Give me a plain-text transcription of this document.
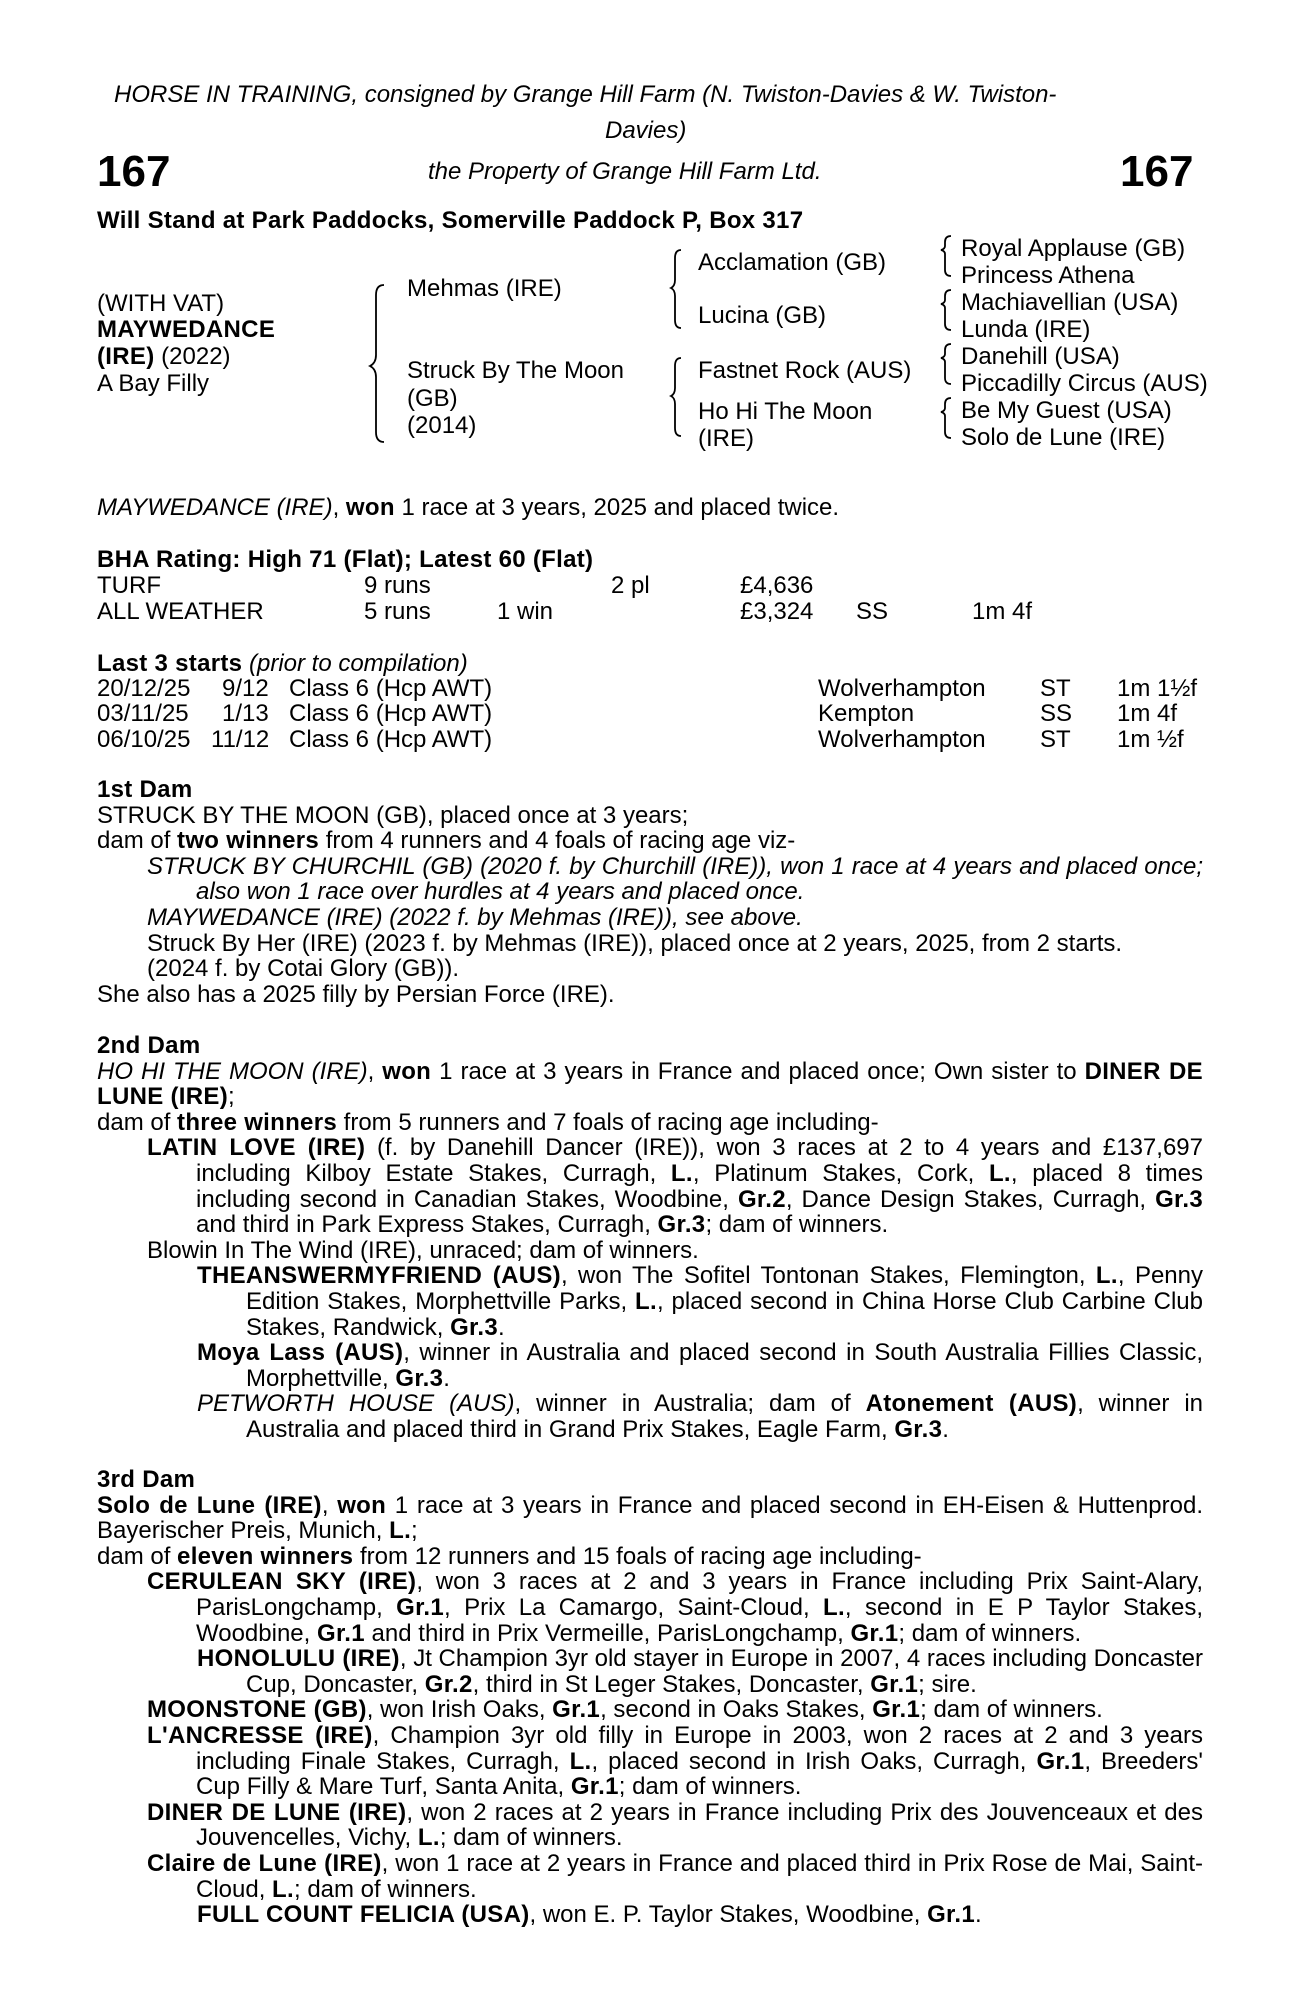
HORSE IN TRAINING, consigned by Grange Hill Farm (N. Twiston-Davies & W. Twiston-
Davies)
167	the Property of Grange Hill Farm Ltd.	167
Will Stand at Park Paddocks, Somerville Paddock P, Box 317
(WITH VAT)
MAYWEDANCE
(IRE) (2022)
A Bay Filly
Mehmas (IRE)
Struck By The Moon
(GB)
(2014)
Acclamation (GB)
Lucina (GB)
Fastnet Rock (AUS)
Ho Hi The Moon
(IRE)
Royal Applause (GB)
Princess Athena
Machiavellian (USA)
Lunda (IRE)
Danehill (USA)
Piccadilly Circus (AUS)
Be My Guest (USA)
Solo de Lune (IRE)
MAYWEDANCE (IRE), won 1 race at 3 years, 2025 and placed twice.
BHA Rating: High 71 (Flat); Latest 60 (Flat)
TURF	9 runs	2 pl	£4,636
ALL WEATHER	5 runs	1 win	£3,324 SS	1m 4f
Last 3 starts (prior to compilation)
20/12/25 9/12 Class 6 (Hcp AWT)	Wolverhampton ST 1m 1½f
03/11/25 1/13 Class 6 (Hcp AWT)	Kempton	SS 1m 4f
06/10/25 11/12 Class 6 (Hcp AWT)	Wolverhampton ST 1m ½f

1st Dam

STRUCK BY THE MOON (GB), placed once at 3 years;

dam of two winners from 4 runners and 4 foals of racing age viz-

STRUCK BY CHURCHIL (GB) (2020 f. by Churchill (IRE)), won 1 race at 4 years and placed once; also won 1 race over hurdles at 4 years and placed once.

MAYWEDANCE (IRE) (2022 f. by Mehmas (IRE)), see above.

Struck By Her (IRE) (2023 f. by Mehmas (IRE)), placed once at 2 years, 2025, from 2 starts.

(2024 f. by Cotai Glory (GB)).

She also has a 2025 filly by Persian Force (IRE).

2nd Dam

HO HI THE MOON (IRE), won 1 race at 3 years in France and placed once; Own sister to DINER DE LUNE (IRE);

dam of three winners from 5 runners and 7 foals of racing age including-

LATIN LOVE (IRE) (f. by Danehill Dancer (IRE)), won 3 races at 2 to 4 years and £137,697 including Kilboy Estate Stakes, Curragh, L., Platinum Stakes, Cork, L., placed 8 times including second in Canadian Stakes, Woodbine, Gr.2, Dance Design Stakes, Curragh, Gr.3 and third in Park Express Stakes, Curragh, Gr.3; dam of winners.

Blowin In The Wind (IRE), unraced; dam of winners.

THEANSWERMYFRIEND (AUS), won The Sofitel Tontonan Stakes, Flemington, L., Penny Edition Stakes, Morphettville Parks, L., placed second in China Horse Club Carbine Club Stakes, Randwick, Gr.3.

Moya Lass (AUS), winner in Australia and placed second in South Australia Fillies Classic, Morphettville, Gr.3.

PETWORTH HOUSE (AUS), winner in Australia; dam of Atonement (AUS), winner in Australia and placed third in Grand Prix Stakes, Eagle Farm, Gr.3.

3rd Dam

Solo de Lune (IRE), won 1 race at 3 years in France and placed second in EH-Eisen & Huttenprod. Bayerischer Preis, Munich, L.;

dam of eleven winners from 12 runners and 15 foals of racing age including-

CERULEAN SKY (IRE), won 3 races at 2 and 3 years in France including Prix Saint-Alary, ParisLongchamp, Gr.1, Prix La Camargo, Saint-Cloud, L., second in E P Taylor Stakes, Woodbine, Gr.1 and third in Prix Vermeille, ParisLongchamp, Gr.1; dam of winners.

HONOLULU (IRE), Jt Champion 3yr old stayer in Europe in 2007, 4 races including Doncaster Cup, Doncaster, Gr.2, third in St Leger Stakes, Doncaster, Gr.1; sire.

MOONSTONE (GB), won Irish Oaks, Gr.1, second in Oaks Stakes, Gr.1; dam of winners.

L'ANCRESSE (IRE), Champion 3yr old filly in Europe in 2003, won 2 races at 2 and 3 years including Finale Stakes, Curragh, L., placed second in Irish Oaks, Curragh, Gr.1, Breeders' Cup Filly & Mare Turf, Santa Anita, Gr.1; dam of winners.

DINER DE LUNE (IRE), won 2 races at 2 years in France including Prix des Jouvenceaux et des Jouvencelles, Vichy, L.; dam of winners.

Claire de Lune (IRE), won 1 race at 2 years in France and placed third in Prix Rose de Mai, Saint-Cloud, L.; dam of winners.

FULL COUNT FELICIA (USA), won E. P. Taylor Stakes, Woodbine, Gr.1.
